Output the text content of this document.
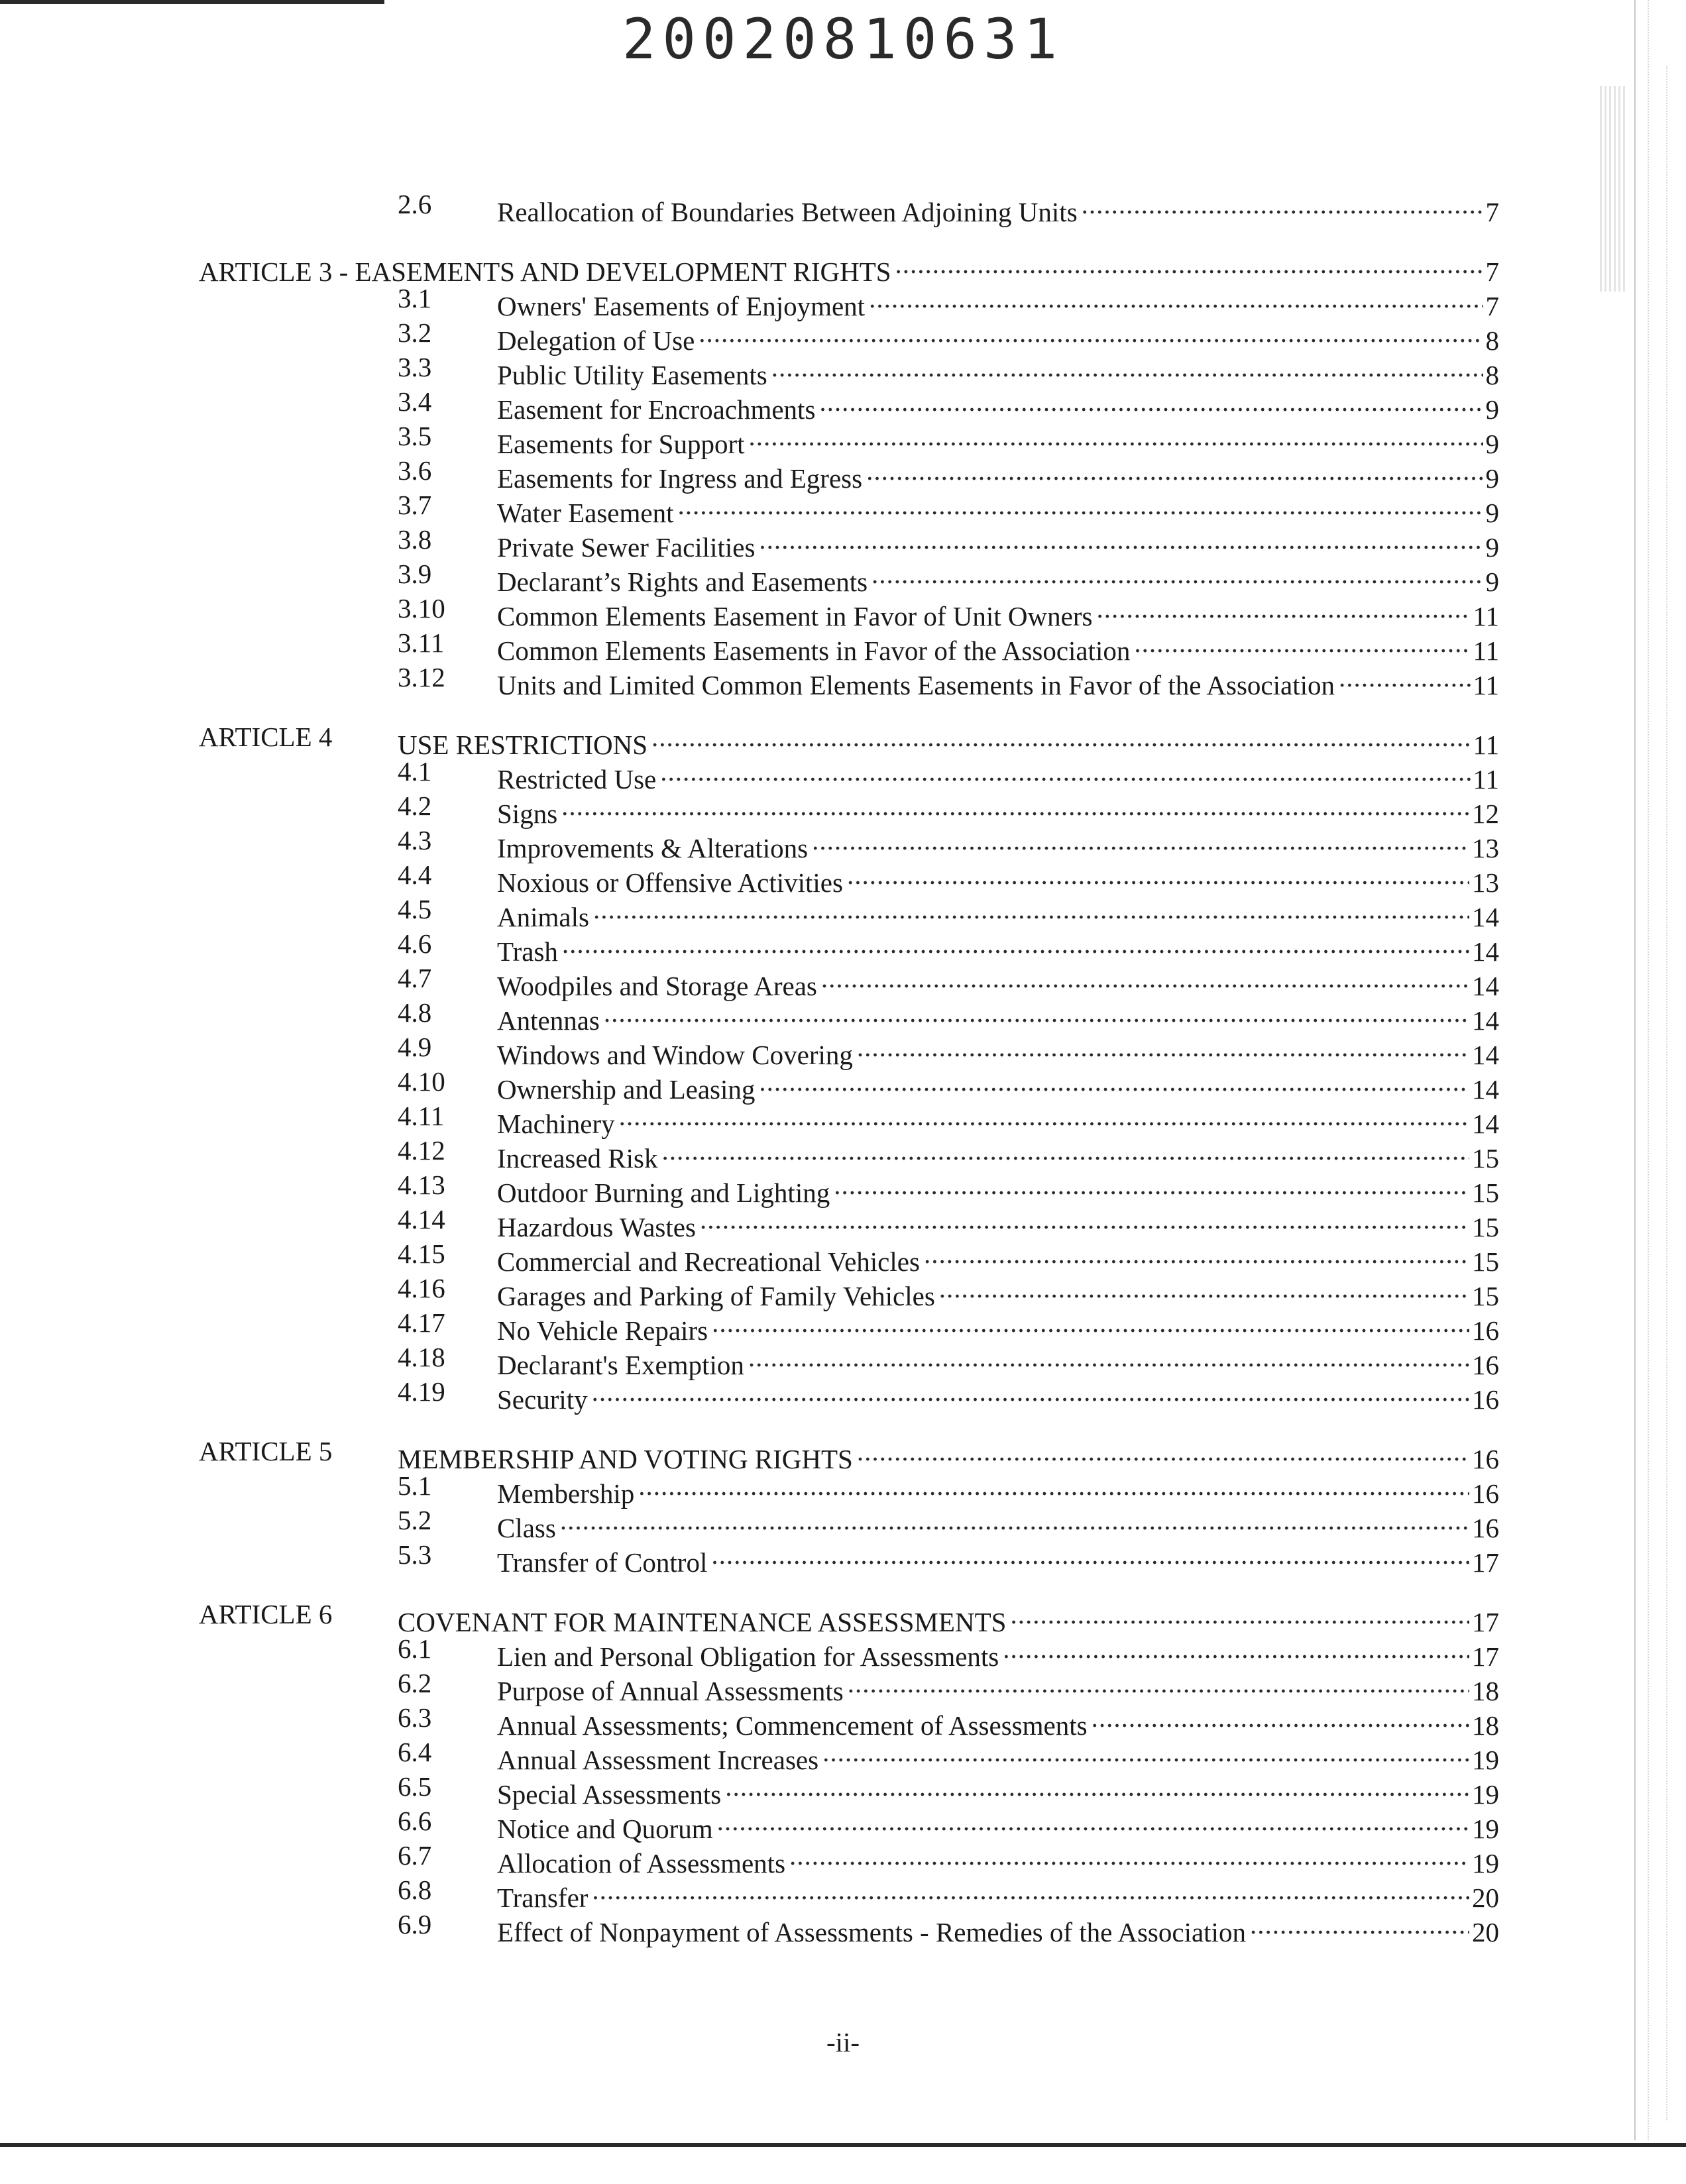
20020810631
2.6 Reallocation of Boundaries Between Adjoining Units .....	7
ARTICLE 3 - EASEMENTS AND DEVELOPMENT RIGHTS .....	7
3.1 Owners' Easements of Enjoyment .....	7
3.2 Delegation of Use .....	8
3.3 Public Utility Easements .....	8
3.4 Easement for Encroachments .....	9
3.5 Easements for Support .....	9
3.6 Easements for Ingress and Egress .....	9
3.7 Water Easement .....	9
3.8 Private Sewer Facilities .....	9
3.9 Declarant’s Rights and Easements .....	9
3.10 Common Elements Easement in Favor of Unit Owners .....	11
3.11 Common Elements Easements in Favor of the Association .....	11
3.12 Units and Limited Common Elements Easements in Favor of the Association .....	11
ARTICLE 4 USE RESTRICTIONS .....	11
4.1 Restricted Use .....	11
4.2 Signs .....	12
4.3 Improvements & Alterations .....	13
4.4 Noxious or Offensive Activities .....	13
4.5 Animals .....	14
4.6 Trash .....	14
4.7 Woodpiles and Storage Areas .....	14
4.8 Antennas .....	14
4.9 Windows and Window Covering .....	14
4.10 Ownership and Leasing .....	14
4.11 Machinery .....	14
4.12 Increased Risk .....	15
4.13 Outdoor Burning and Lighting .....	15
4.14 Hazardous Wastes .....	15
4.15 Commercial and Recreational Vehicles .....	15
4.16 Garages and Parking of Family Vehicles .....	15
4.17 No Vehicle Repairs .....	16
4.18 Declarant's Exemption .....	16
4.19 Security .....	16
ARTICLE 5 MEMBERSHIP AND VOTING RIGHTS .....	16
5.1 Membership .....	16
5.2 Class .....	16
5.3 Transfer of Control .....	17
ARTICLE 6 COVENANT FOR MAINTENANCE ASSESSMENTS .....	17
6.1 Lien and Personal Obligation for Assessments .....	17
6.2 Purpose of Annual Assessments .....	18
6.3 Annual Assessments; Commencement of Assessments .....	18
6.4 Annual Assessment Increases .....	19
6.5 Special Assessments .....	19
6.6 Notice and Quorum .....	19
6.7 Allocation of Assessments .....	19
6.8 Transfer .....	20
6.9 Effect of Nonpayment of Assessments - Remedies of the Association .....	20
-ii-
